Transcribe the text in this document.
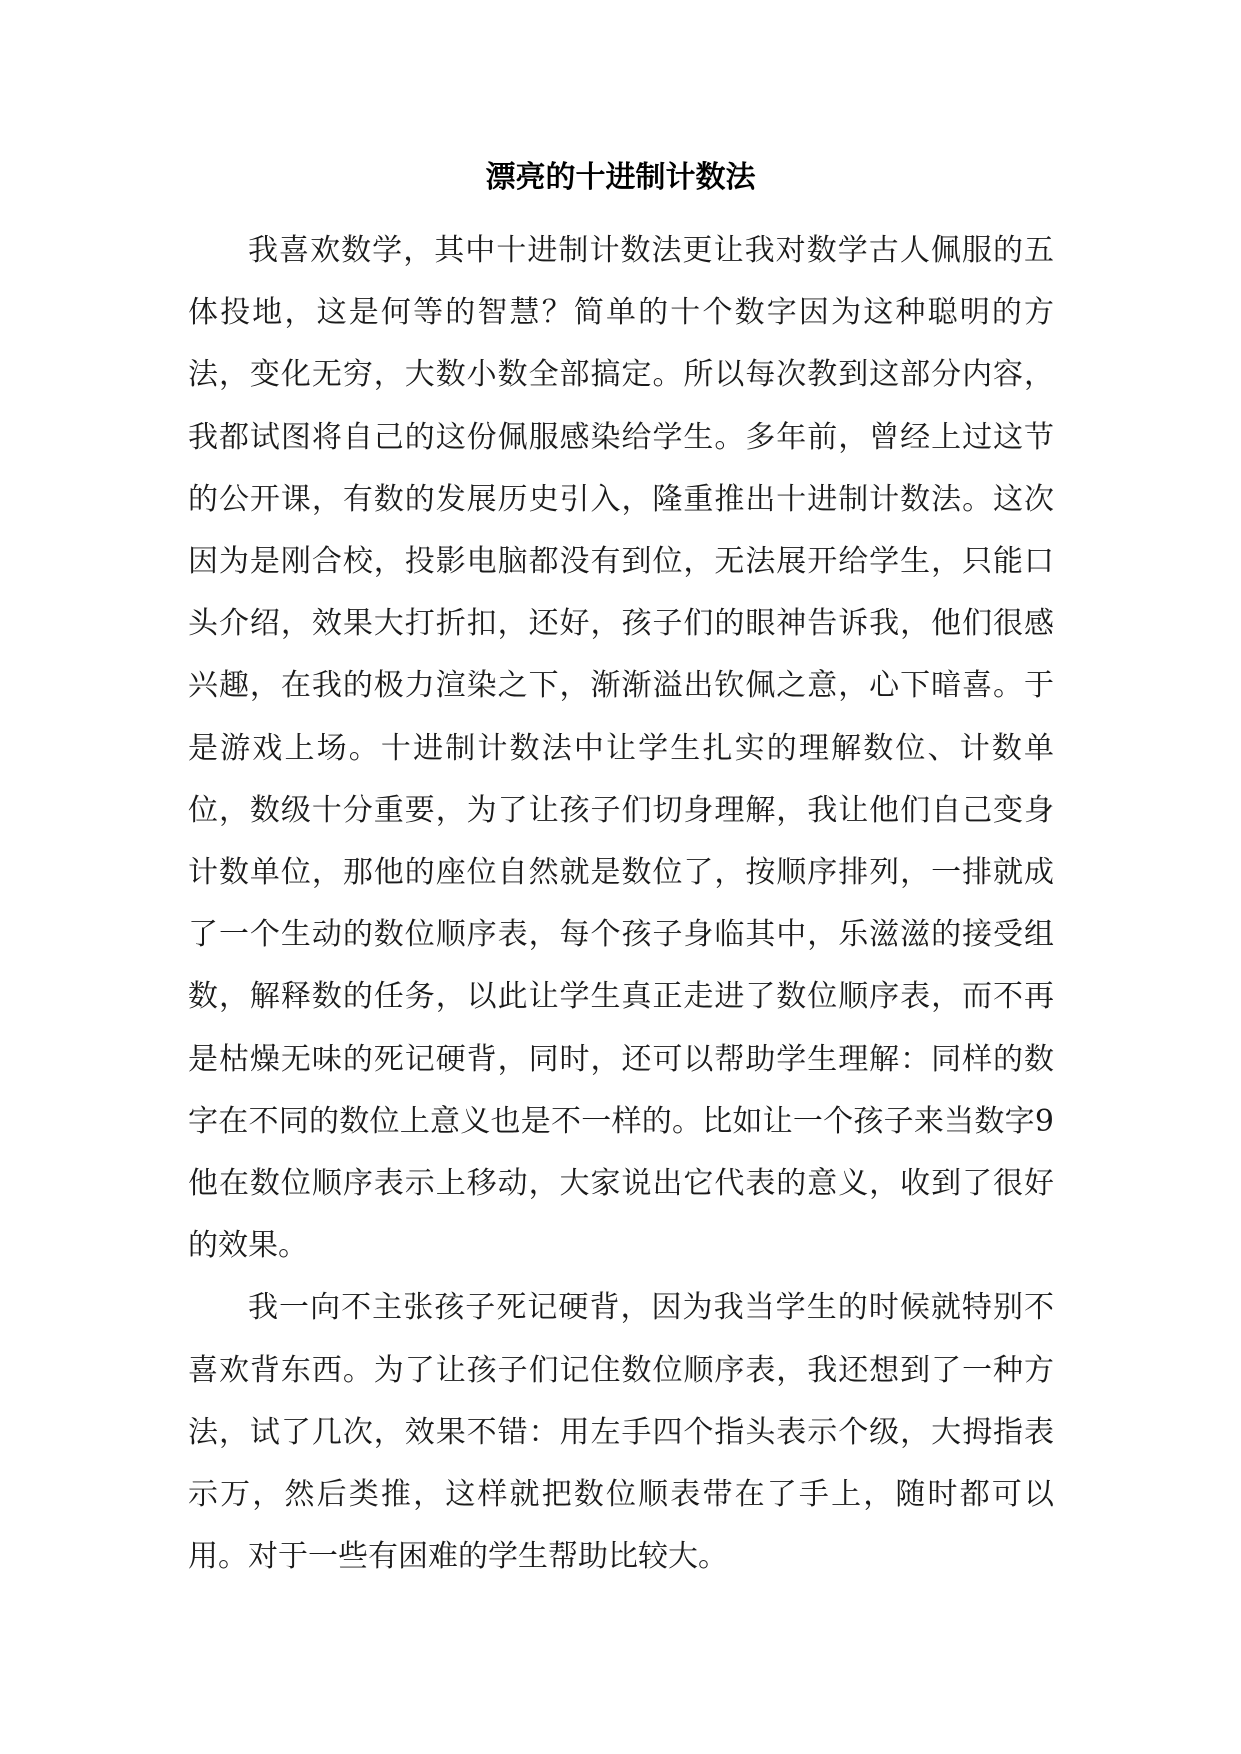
漂亮的十进制计数法

我喜欢数学，其中十进制计数法更让我对数学古人佩服的五体投地，这是何等的智慧？简单的十个数字因为这种聪明的方法，变化无穷，大数小数全部搞定。所以每次教到这部分内容，我都试图将自己的这份佩服感染给学生。多年前，曾经上过这节的公开课，有数的发展历史引入，隆重推出十进制计数法。这次因为是刚合校，投影电脑都没有到位，无法展开给学生，只能口头介绍，效果大打折扣，还好，孩子们的眼神告诉我，他们很感兴趣，在我的极力渲染之下，渐渐溢出钦佩之意，心下暗喜。于是游戏上场。十进制计数法中让学生扎实的理解数位、计数单位，数级十分重要，为了让孩子们切身理解，我让他们自己变身计数单位，那他的座位自然就是数位了，按顺序排列，一排就成了一个生动的数位顺序表，每个孩子身临其中，乐滋滋的接受组数，解释数的任务，以此让学生真正走进了数位顺序表，而不再是枯燥无味的死记硬背，同时，还可以帮助学生理解：同样的数字在不同的数位上意义也是不一样的。比如让一个孩子来当数字9他在数位顺序表示上移动，大家说出它代表的意义，收到了很好的效果。

我一向不主张孩子死记硬背，因为我当学生的时候就特别不喜欢背东西。为了让孩子们记住数位顺序表，我还想到了一种方法，试了几次，效果不错：用左手四个指头表示个级，大拇指表示万，然后类推，这样就把数位顺表带在了手上，随时都可以用。对于一些有困难的学生帮助比较大。
